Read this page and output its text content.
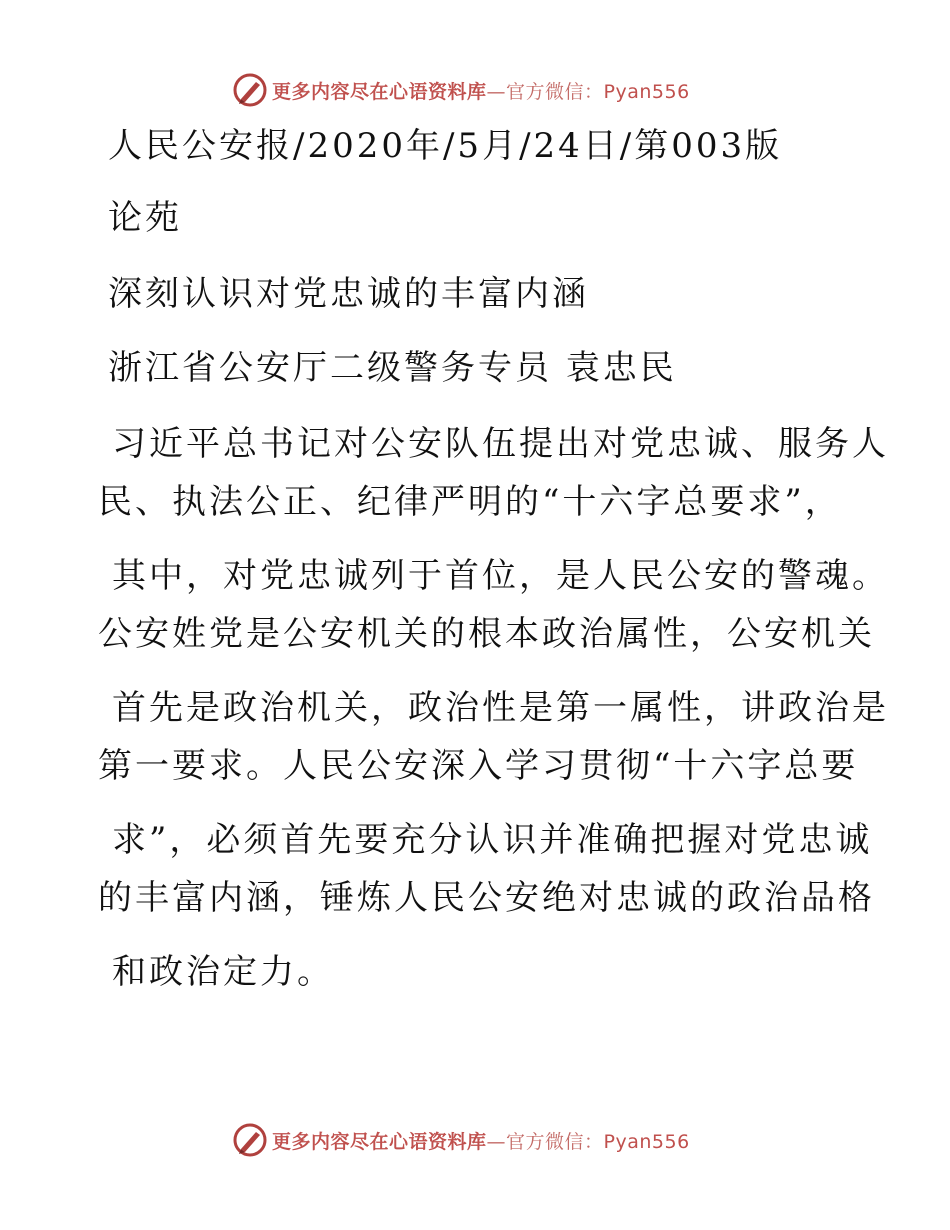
更多内容尽在心语资料库—官方微信：Pyan556
人民公安报/2020年/5月/24日/第003版
论苑
深刻认识对党忠诚的丰富内涵
浙江省公安厅二级警务专员 袁忠民
习近平总书记对公安队伍提出对党忠诚、服务人
民、执法公正、纪律严明的“十六字总要求”，
其中，对党忠诚列于首位，是人民公安的警魂。
公安姓党是公安机关的根本政治属性，公安机关
首先是政治机关，政治性是第一属性，讲政治是
第一要求。人民公安深入学习贯彻“十六字总要
求”，必须首先要充分认识并准确把握对党忠诚
的丰富内涵，锤炼人民公安绝对忠诚的政治品格
和政治定力。
更多内容尽在心语资料库—官方微信：Pyan556
